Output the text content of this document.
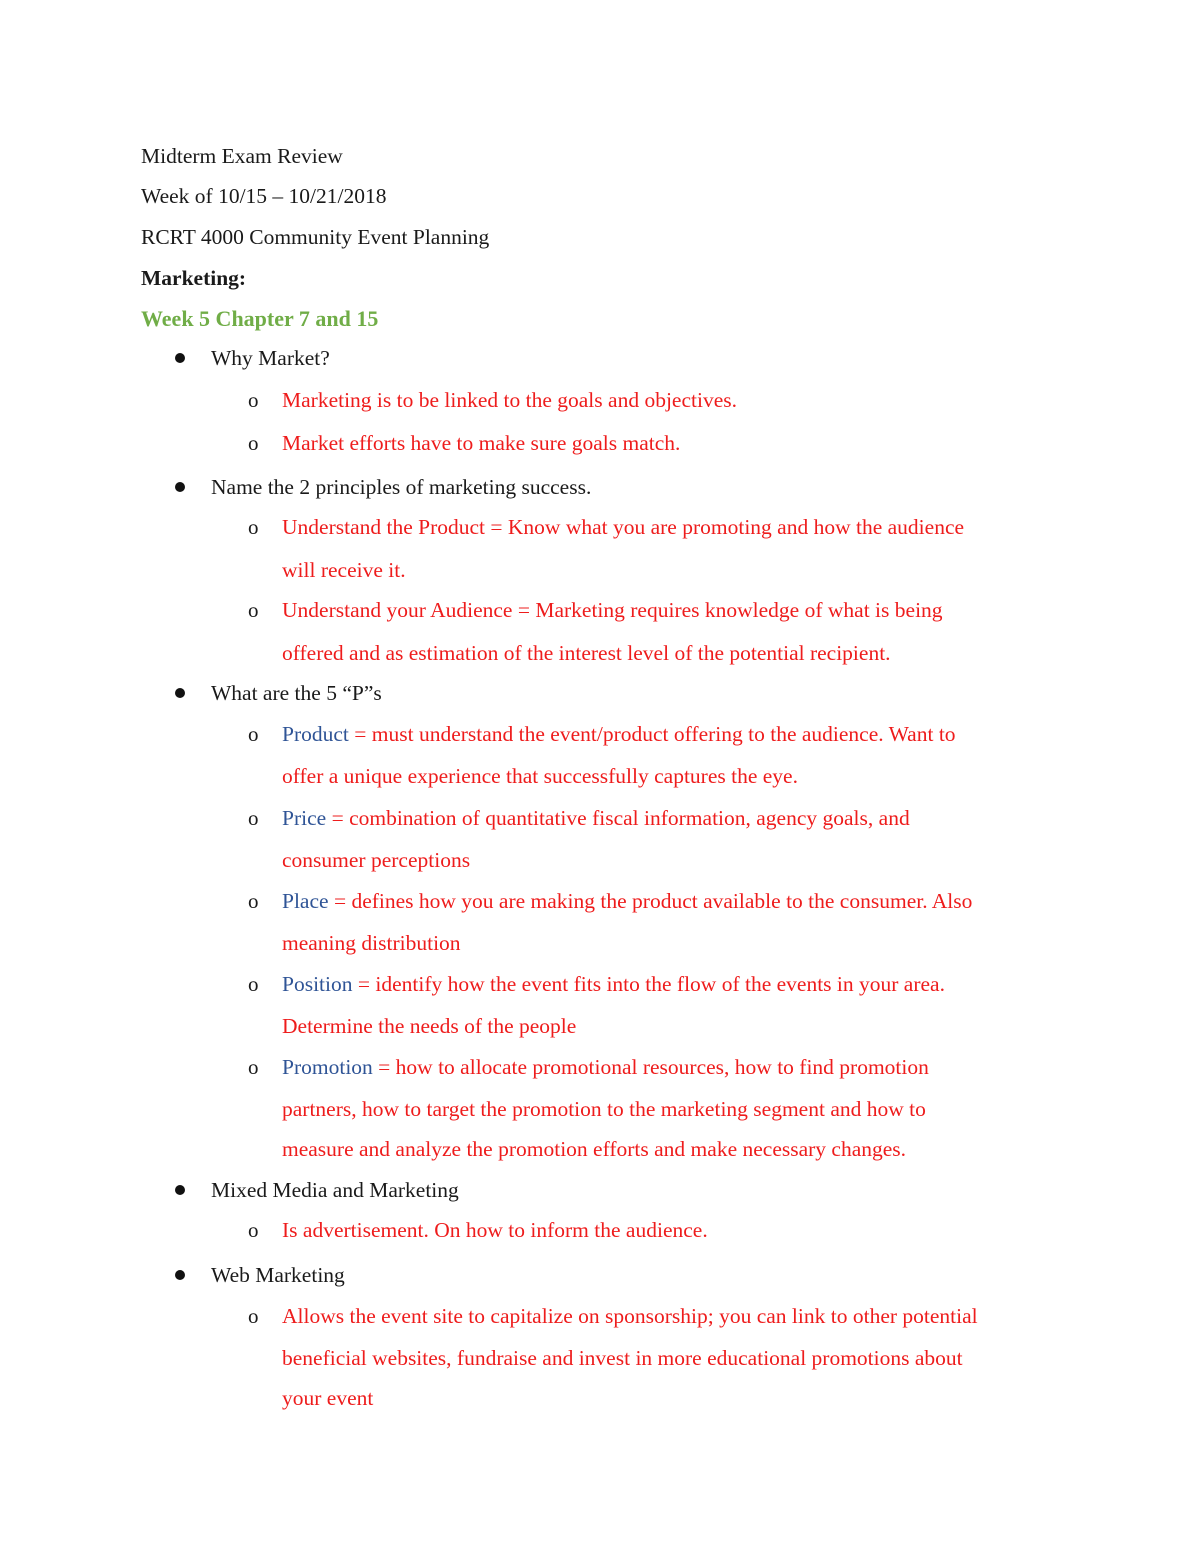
Midterm Exam Review
Week of 10/15 – 10/21/2018
RCRT 4000 Community Event Planning
Marketing:
Week 5 Chapter 7 and 15
Why Market?
o Marketing is to be linked to the goals and objectives.
o Market efforts have to make sure goals match.
Name the 2 principles of marketing success.
o Understand the Product = Know what you are promoting and how the audience
will receive it.
o Understand your Audience = Marketing requires knowledge of what is being
offered and as estimation of the interest level of the potential recipient.
What are the 5 “P”s
o Product = must understand the event/product offering to the audience. Want to
offer a unique experience that successfully captures the eye.
o Price = combination of quantitative fiscal information, agency goals, and
consumer perceptions
o Place = defines how you are making the product available to the consumer. Also
meaning distribution
o Position = identify how the event fits into the flow of the events in your area.
Determine the needs of the people
o Promotion = how to allocate promotional resources, how to find promotion
partners, how to target the promotion to the marketing segment and how to
measure and analyze the promotion efforts and make necessary changes.
Mixed Media and Marketing
o Is advertisement. On how to inform the audience.
Web Marketing
o Allows the event site to capitalize on sponsorship; you can link to other potential
beneficial websites, fundraise and invest in more educational promotions about
your event
